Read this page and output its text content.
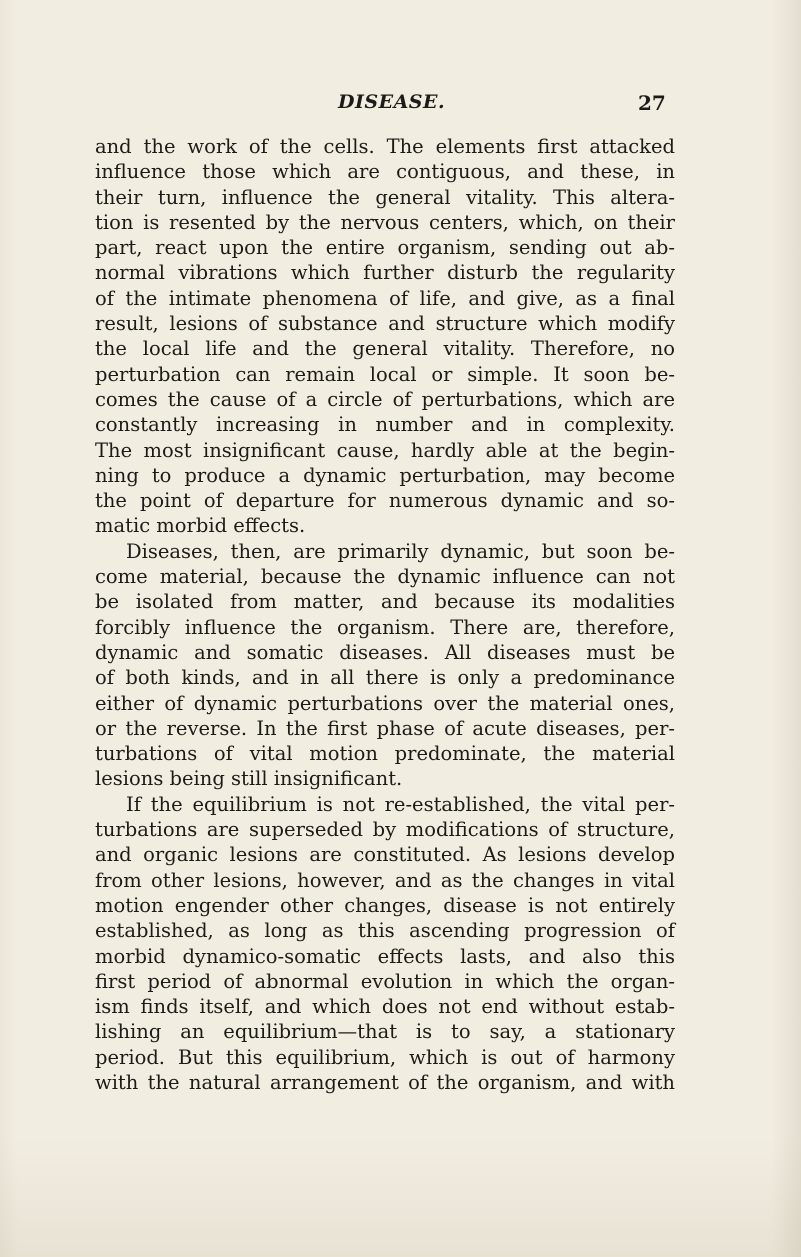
DISEASE.	27
and the work of the cells. The elements first attacked
influence those which are contiguous, and these, in
their turn, influence the general vitality. This altera-
tion is resented by the nervous centers, which, on their
part, react upon the entire organism, sending out ab-
normal vibrations which further disturb the regularity
of the intimate phenomena of life, and give, as a final
result, lesions of substance and structure which modify
the local life and the general vitality. Therefore, no
perturbation can remain local or simple. It soon be-
comes the cause of a circle of perturbations, which are
constantly increasing in number and in complexity.
The most insignificant cause, hardly able at the begin-
ning to produce a dynamic perturbation, may become
the point of departure for numerous dynamic and so-
matic morbid effects.
Diseases, then, are primarily dynamic, but soon be-
come material, because the dynamic influence can not
be isolated from matter, and because its modalities
forcibly influence the organism. There are, therefore,
dynamic and somatic diseases. All diseases must be
of both kinds, and in all there is only a predominance
either of dynamic perturbations over the material ones,
or the reverse. In the first phase of acute diseases, per-
turbations of vital motion predominate, the material
lesions being still insignificant.
If the equilibrium is not re-established, the vital per-
turbations are superseded by modifications of structure,
and organic lesions are constituted. As lesions develop
from other lesions, however, and as the changes in vital
motion engender other changes, disease is not entirely
established, as long as this ascending progression of
morbid dynamico-somatic effects lasts, and also this
first period of abnormal evolution in which the organ-
ism finds itself, and which does not end without estab-
lishing an equilibrium—that is to say, a stationary
period. But this equilibrium, which is out of harmony
with the natural arrangement of the organism, and with
